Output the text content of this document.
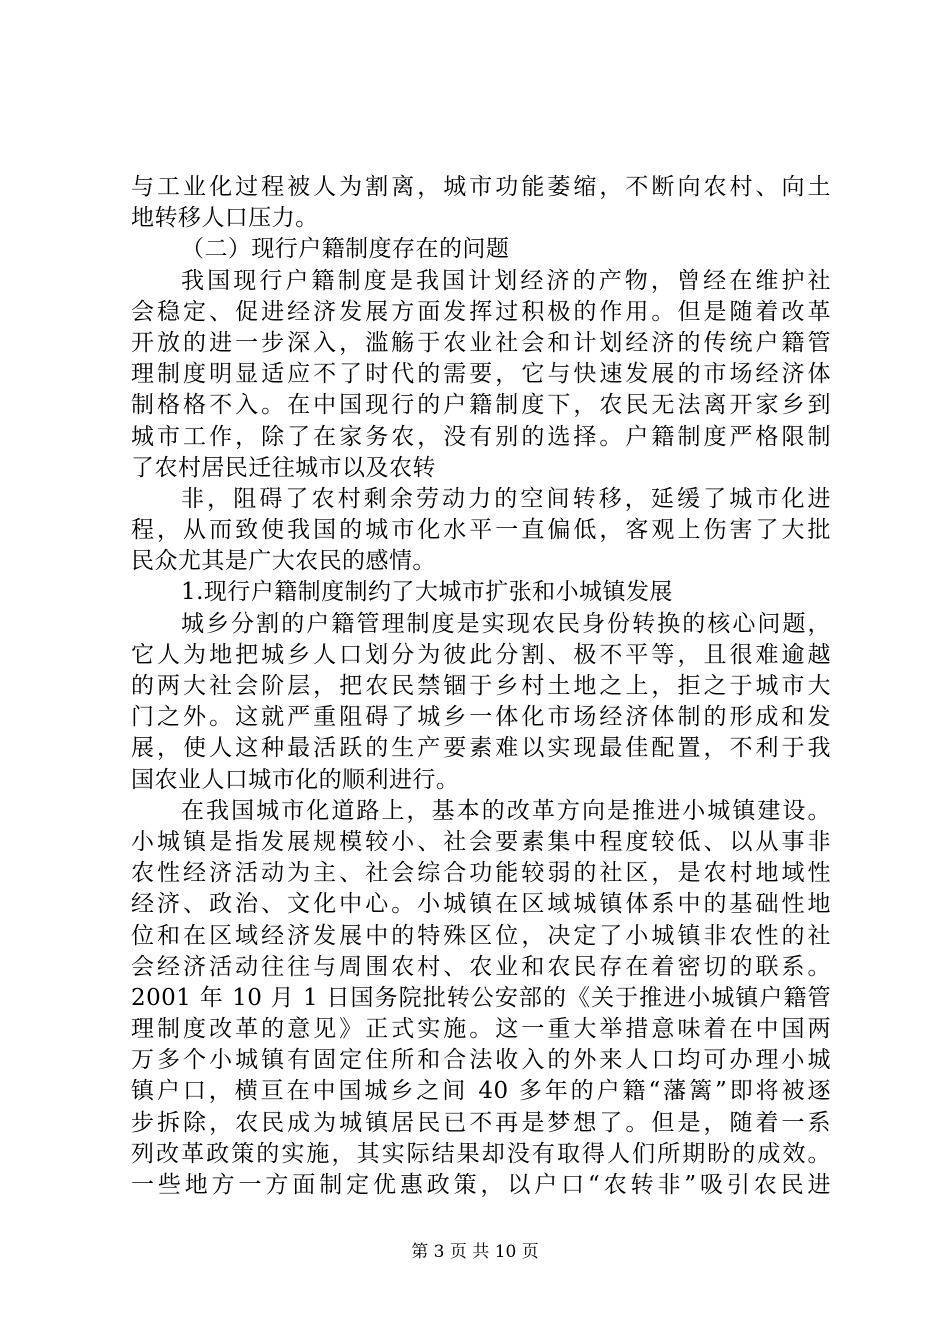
与工业化过程被人为割离，城市功能萎缩，不断向农村、向土
地转移人口压力。
（二）现行户籍制度存在的问题
我国现行户籍制度是我国计划经济的产物，曾经在维护社
会稳定、促进经济发展方面发挥过积极的作用。但是随着改革
开放的进一步深入，滥觞于农业社会和计划经济的传统户籍管
理制度明显适应不了时代的需要，它与快速发展的市场经济体
制格格不入。在中国现行的户籍制度下，农民无法离开家乡到
城市工作，除了在家务农，没有别的选择。户籍制度严格限制
了农村居民迁往城市以及农转
非，阻碍了农村剩余劳动力的空间转移，延缓了城市化进
程，从而致使我国的城市化水平一直偏低，客观上伤害了大批
民众尤其是广大农民的感情。
1.现行户籍制度制约了大城市扩张和小城镇发展
城乡分割的户籍管理制度是实现农民身份转换的核心问题，
它人为地把城乡人口划分为彼此分割、极不平等，且很难逾越
的两大社会阶层，把农民禁锢于乡村土地之上，拒之于城市大
门之外。这就严重阻碍了城乡一体化市场经济体制的形成和发
展，使人这种最活跃的生产要素难以实现最佳配置，不利于我
国农业人口城市化的顺利进行。
在我国城市化道路上，基本的改革方向是推进小城镇建设。
小城镇是指发展规模较小、社会要素集中程度较低、以从事非
农性经济活动为主、社会综合功能较弱的社区，是农村地域性
经济、政治、文化中心。小城镇在区域城镇体系中的基础性地
位和在区域经济发展中的特殊区位，决定了小城镇非农性的社
会经济活动往往与周围农村、农业和农民存在着密切的联系。
2001 年 10 月 1 日国务院批转公安部的《关于推进小城镇户籍管
理制度改革的意见》正式实施。这一重大举措意味着在中国两
万多个小城镇有固定住所和合法收入的外来人口均可办理小城
镇户口，横亘在中国城乡之间 40 多年的户籍“藩篱”即将被逐
步拆除，农民成为城镇居民已不再是梦想了。但是，随着一系
列改革政策的实施，其实际结果却没有取得人们所期盼的成效。
一些地方一方面制定优惠政策，以户口“农转非”吸引农民进
第 3 页 共 10 页
